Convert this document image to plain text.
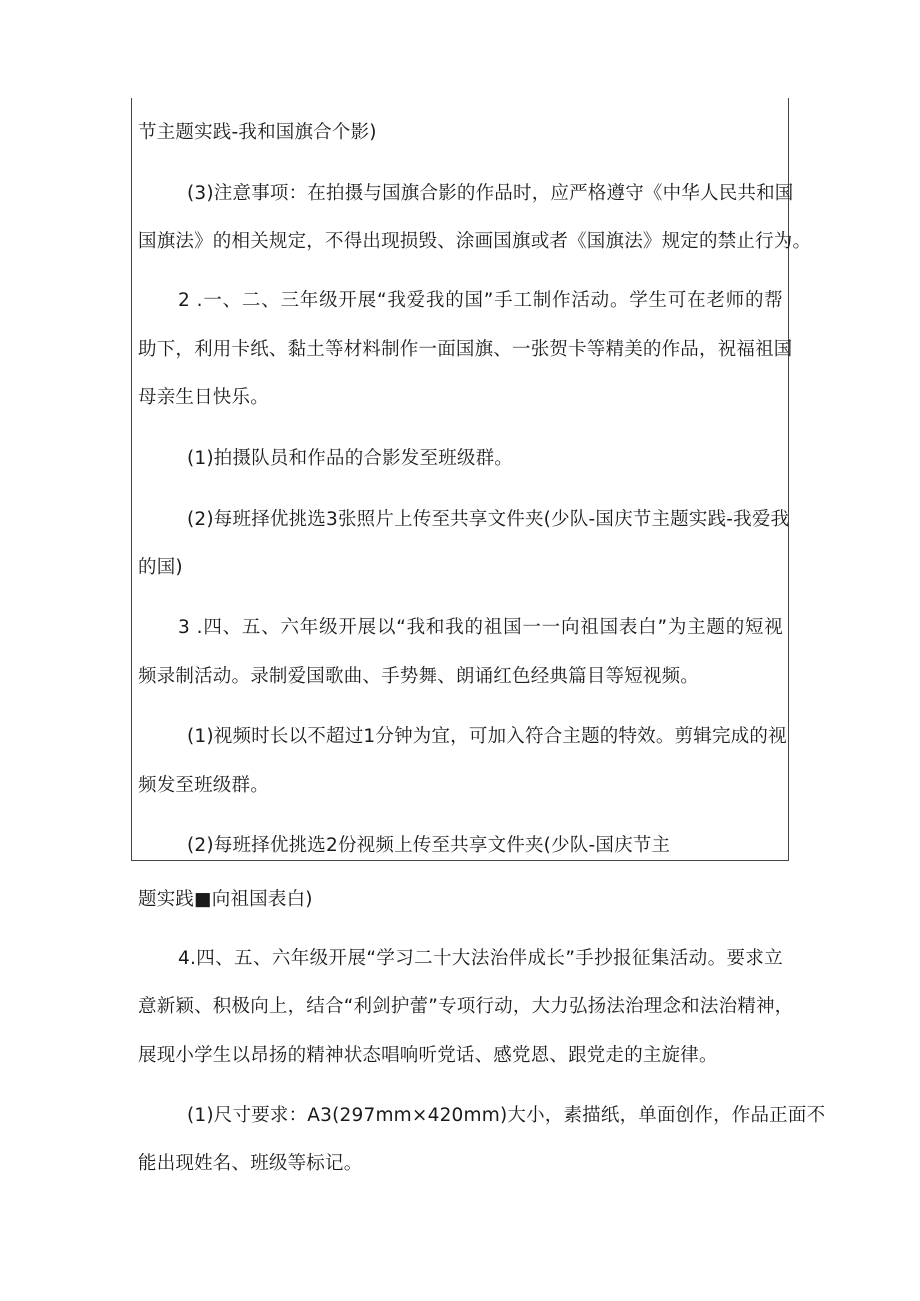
节主题实践-我和国旗合个影)
(3)注意事项：在拍摄与国旗合影的作品时，应严格遵守《中华人民共和国
国旗法》的相关规定，不得出现损毁、涂画国旗或者《国旗法》规定的禁止行为。
2 .一、二、三年级开展“我爱我的国”手工制作活动。学生可在老师的帮
助下，利用卡纸、黏土等材料制作一面国旗、一张贺卡等精美的作品，祝福祖国
母亲生日快乐。
(1)拍摄队员和作品的合影发至班级群。
(2)每班择优挑选3张照片上传至共享文件夹(少队-国庆节主题实践-我爱我
的国)
3 .四、五、六年级开展以“我和我的祖国一一向祖国表白”为主题的短视
频录制活动。录制爱国歌曲、手势舞、朗诵红色经典篇目等短视频。
(1)视频时长以不超过1分钟为宜，可加入符合主题的特效。剪辑完成的视
频发至班级群。
(2)每班择优挑选2份视频上传至共享文件夹(少队-国庆节主
题实践■向祖国表白)
4.四、五、六年级开展“学习二十大法治伴成长”手抄报征集活动。要求立
意新颖、积极向上，结合“利剑护蕾”专项行动，大力弘扬法治理念和法治精神，
展现小学生以昂扬的精神状态唱响听党话、感党恩、跟党走的主旋律。
(1)尺寸要求：A3(297mm×420mm)大小，素描纸，单面创作，作品正面不
能出现姓名、班级等标记。
